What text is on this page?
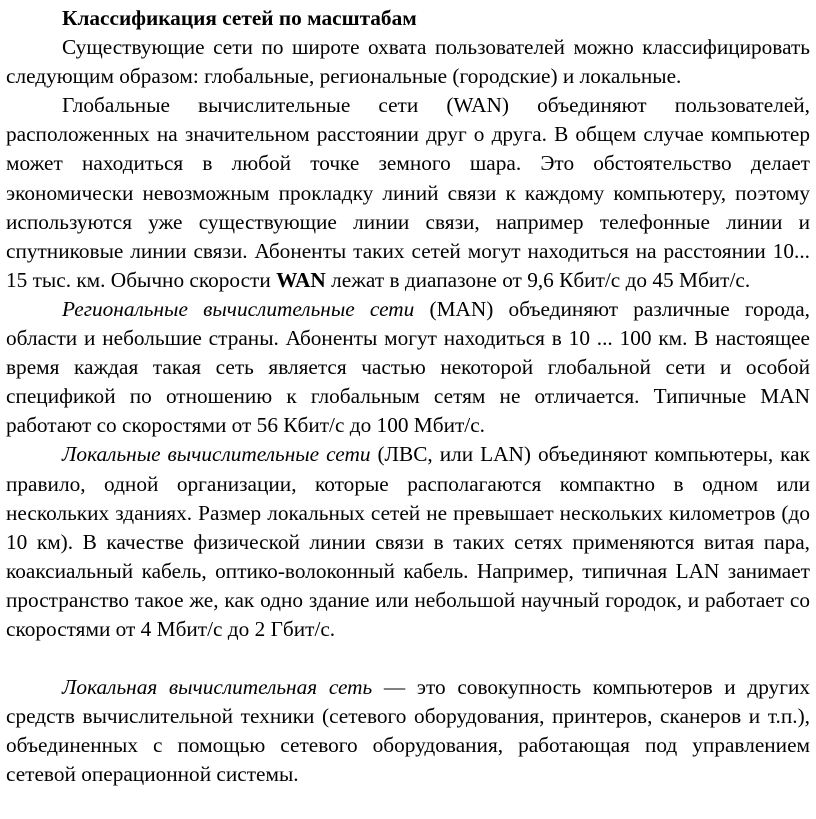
Классификация сетей по масштабам

Существующие сети по широте охвата пользователей можно классифицировать следующим образом: глобальные, региональные (городские) и локальные.

Глобальные вычислительные сети (WAN) объединяют пользователей, расположенных на значительном расстоянии друг о друга. В общем случае компьютер может находиться в любой точке земного шара. Это обстоятельство делает экономически невозможным прокладку линий связи к каждому компьютеру, поэтому используются уже существующие линии связи, например телефонные линии и спутниковые линии связи. Абоненты таких сетей могут находиться на расстоянии 10... 15 тыс. км. Обычно скорости WAN лежат в диапазоне от 9,6 Кбит/с до 45 Мбит/с.

Региональные вычислительные сети (MAN) объединяют различные города, области и небольшие страны. Абоненты могут находиться в 10 ... 100 км. В настоящее время каждая такая сеть является частью некоторой глобальной сети и особой спецификой по отношению к глобальным сетям не отличается. Типичные MAN работают со скоростями от 56 Кбит/с до 100 Мбит/с.

Локальные вычислительные сети (ЛВС, или LAN) объединяют компьютеры, как правило, одной организации, которые располагаются компактно в одном или нескольких зданиях. Размер локальных сетей не превышает нескольких километров (до 10 км). В качестве физической линии связи в таких сетях применяются витая пара, коаксиальный кабель, оптико-волоконный кабель. Например, типичная LAN занимает пространство такое же, как одно здание или небольшой научный городок, и работает со скоростями от 4 Мбит/с до 2 Гбит/с.

Локальная вычислительная сеть — это совокупность компьютеров и других средств вычислительной техники (сетевого оборудования, принтеров, сканеров и т.п.), объединенных с помощью сетевого оборудования, работающая под управлением сетевой операционной системы.
